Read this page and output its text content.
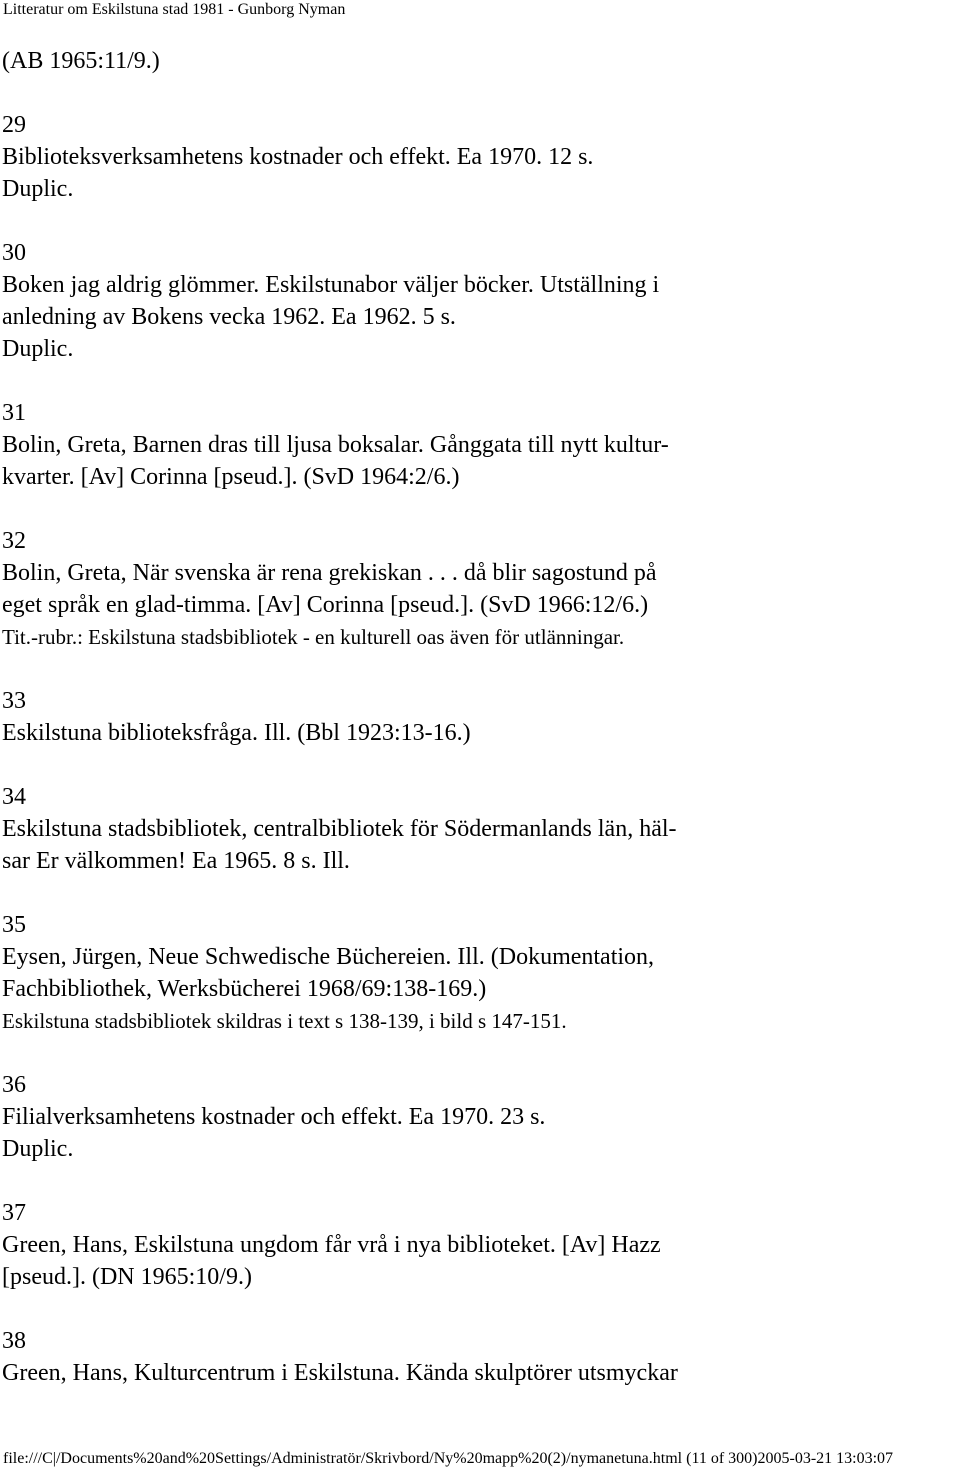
Litteratur om Eskilstuna stad 1981 - Gunborg Nyman
(AB 1965:11/9.)
29
Biblioteksverksamhetens kostnader och effekt. Ea 1970. 12 s.
Duplic.
30
Boken jag aldrig glömmer. Eskilstunabor väljer böcker. Utställning i
anledning av Bokens vecka 1962. Ea 1962. 5 s.
Duplic.
31
Bolin, Greta, Barnen dras till ljusa boksalar. Gånggata till nytt kultur-
kvarter. [Av] Corinna [pseud.]. (SvD 1964:2/6.)
32
Bolin, Greta, När svenska är rena grekiskan . . . då blir sagostund på
eget språk en glad-timma. [Av] Corinna [pseud.]. (SvD 1966:12/6.)
Tit.-rubr.: Eskilstuna stadsbibliotek - en kulturell oas även för utlänningar.
33
Eskilstuna biblioteksfråga. Ill. (Bbl 1923:13-16.)
34
Eskilstuna stadsbibliotek, centralbibliotek för Södermanlands län, häl-
sar Er välkommen! Ea 1965. 8 s. Ill.
35
Eysen, Jürgen, Neue Schwedische Büchereien. Ill. (Dokumentation,
Fachbibliothek, Werksbücherei 1968/69:138-169.)
Eskilstuna stadsbibliotek skildras i text s 138-139, i bild s 147-151.
36
Filialverksamhetens kostnader och effekt. Ea 1970. 23 s.
Duplic.
37
Green, Hans, Eskilstuna ungdom får vrå i nya biblioteket. [Av] Hazz
[pseud.]. (DN 1965:10/9.)
38
Green, Hans, Kulturcentrum i Eskilstuna. Kända skulptörer utsmyckar
file:///C|/Documents%20and%20Settings/Administratör/Skrivbord/Ny%20mapp%20(2)/nymanetuna.html (11 of 300)2005-03-21 13:03:07
